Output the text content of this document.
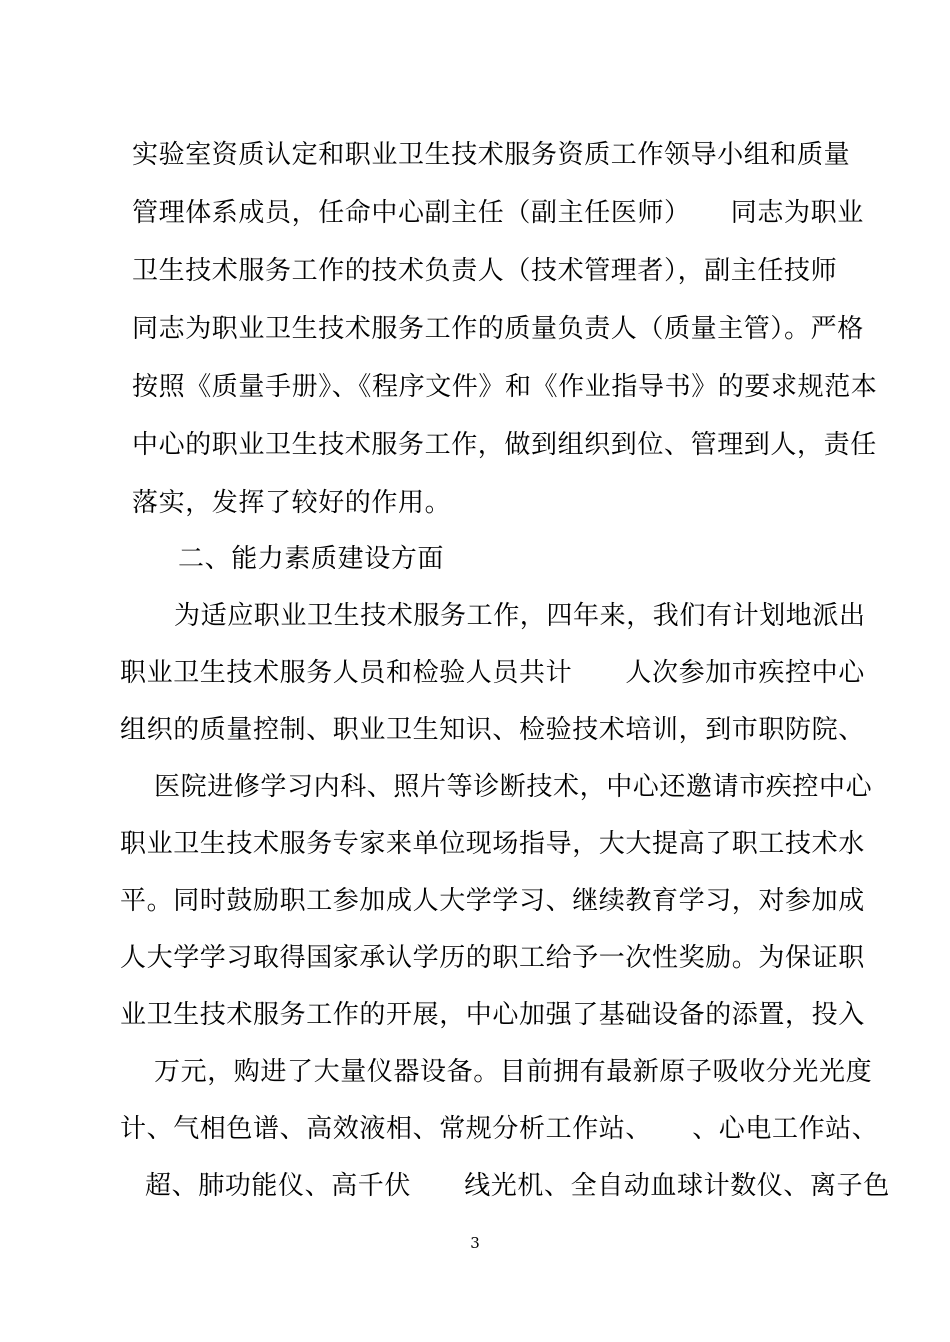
实验室资质认定和职业卫生技术服务资质工作领导小组和质量
管理体系成员，任命中心副主任（副主任医师）　　同志为职业
卫生技术服务工作的技术负责人（技术管理者），副主任技师
同志为职业卫生技术服务工作的质量负责人（质量主管）。严格
按照《质量手册》、《程序文件》和《作业指导书》的要求规范本
中心的职业卫生技术服务工作，做到组织到位、管理到人，责任
落实，发挥了较好的作用。
二、能力素质建设方面
为适应职业卫生技术服务工作，四年来，我们有计划地派出
职业卫生技术服务人员和检验人员共计　　人次参加市疾控中心
组织的质量控制、职业卫生知识、检验技术培训，到市职防院、
医院进修学习内科、照片等诊断技术，中心还邀请市疾控中心
职业卫生技术服务专家来单位现场指导，大大提高了职工技术水
平。同时鼓励职工参加成人大学学习、继续教育学习，对参加成
人大学学习取得国家承认学历的职工给予一次性奖励。为保证职
业卫生技术服务工作的开展，中心加强了基础设备的添置，投入
万元，购进了大量仪器设备。目前拥有最新原子吸收分光光度
计、气相色谱、高效液相、常规分析工作站、　　、心电工作站、
超、肺功能仪、高千伏　　线光机、全自动血球计数仪、离子色
3
